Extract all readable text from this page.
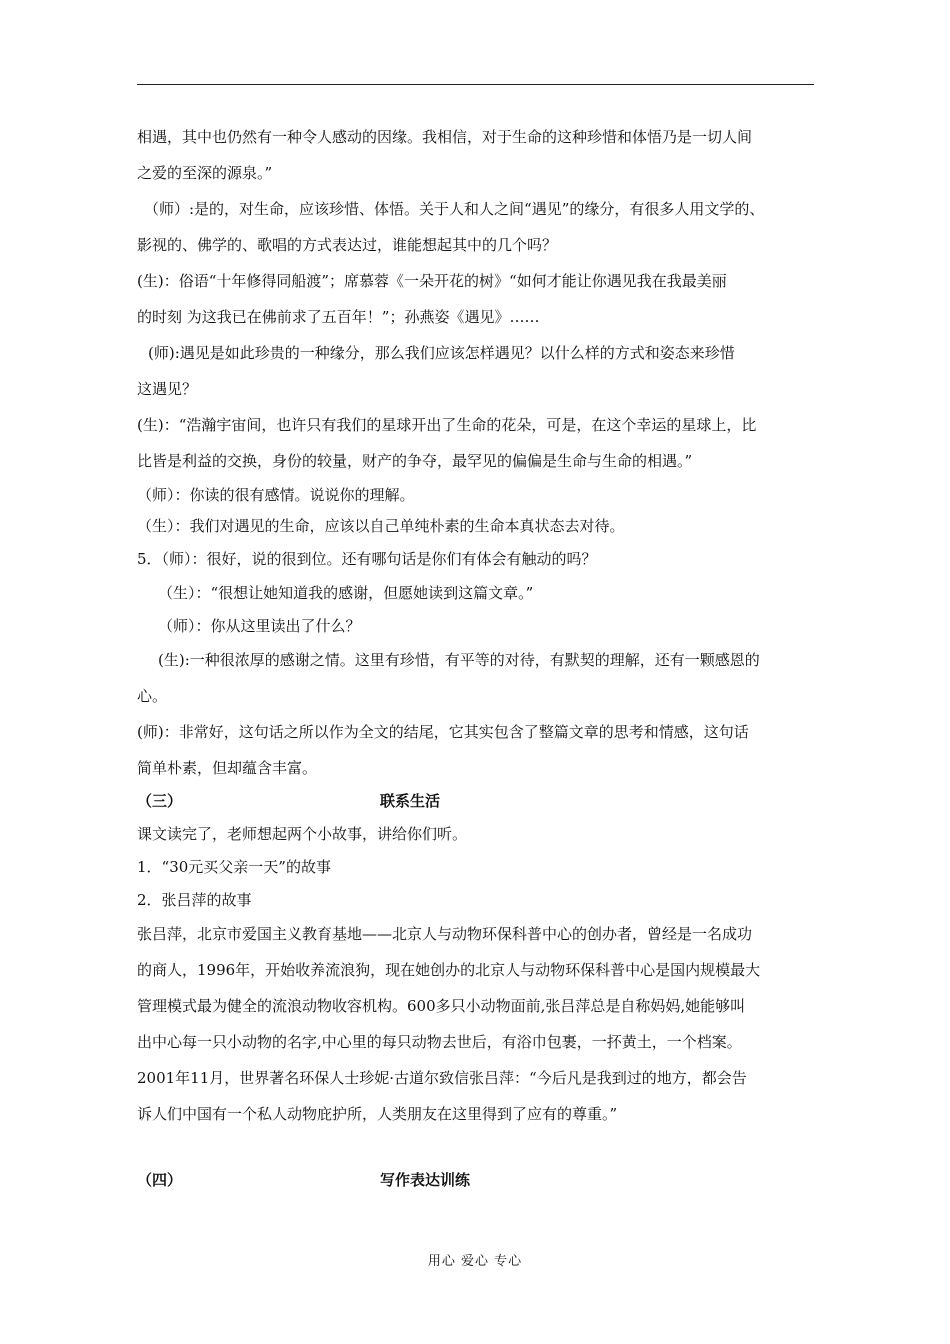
相遇，其中也仍然有一种令人感动的因缘。我相信，对于生命的这种珍惜和体悟乃是一切人间
之爱的至深的源泉。”
（师）:是的，对生命，应该珍惜、体悟。关于人和人之间“遇见”的缘分，有很多人用文学的、
影视的、佛学的、歌唱的方式表达过，谁能想起其中的几个吗？
(生)：俗语“十年修得同船渡”；席慕蓉《一朵开花的树》“如何才能让你遇见我在我最美丽
的时刻 为这我已在佛前求了五百年！”；孙燕姿《遇见》……
(师):遇见是如此珍贵的一种缘分，那么我们应该怎样遇见？以什么样的方式和姿态来珍惜
这遇见？
(生)：“浩瀚宇宙间，也许只有我们的星球开出了生命的花朵，可是，在这个幸运的星球上，比
比皆是利益的交换，身份的较量，财产的争夺，最罕见的偏偏是生命与生命的相遇。”
（师）：你读的很有感情。说说你的理解。
（生）：我们对遇见的生命，应该以自己单纯朴素的生命本真状态去对待。
5．（师）：很好，说的很到位。还有哪句话是你们有体会有触动的吗？
（生）：“很想让她知道我的感谢，但愿她读到这篇文章。”
（师）：你从这里读出了什么？
(生):一种很浓厚的感谢之情。这里有珍惜，有平等的对待，有默契的理解，还有一颗感恩的
心。
(师)：非常好，这句话之所以作为全文的结尾，它其实包含了整篇文章的思考和情感，这句话
简单朴素，但却蕴含丰富。
（三）	联系生活
课文读完了，老师想起两个小故事，讲给你们听。
1．“30元买父亲一天”的故事
2．张吕萍的故事
张吕萍，北京市爱国主义教育基地——北京人与动物环保科普中心的创办者，曾经是一名成功
的商人，1996年，开始收养流浪狗，现在她创办的北京人与动物环保科普中心是国内规模最大
管理模式最为健全的流浪动物收容机构。600多只小动物面前,张吕萍总是自称妈妈,她能够叫
出中心每一只小动物的名字,中心里的每只动物去世后，有浴巾包裹，一抔黄土，一个档案。
2001年11月，世界著名环保人士珍妮·古道尔致信张吕萍：“今后凡是我到过的地方，都会告
诉人们中国有一个私人动物庇护所，人类朋友在这里得到了应有的尊重。”
（四）	写作表达训练
用心 爱心 专心
